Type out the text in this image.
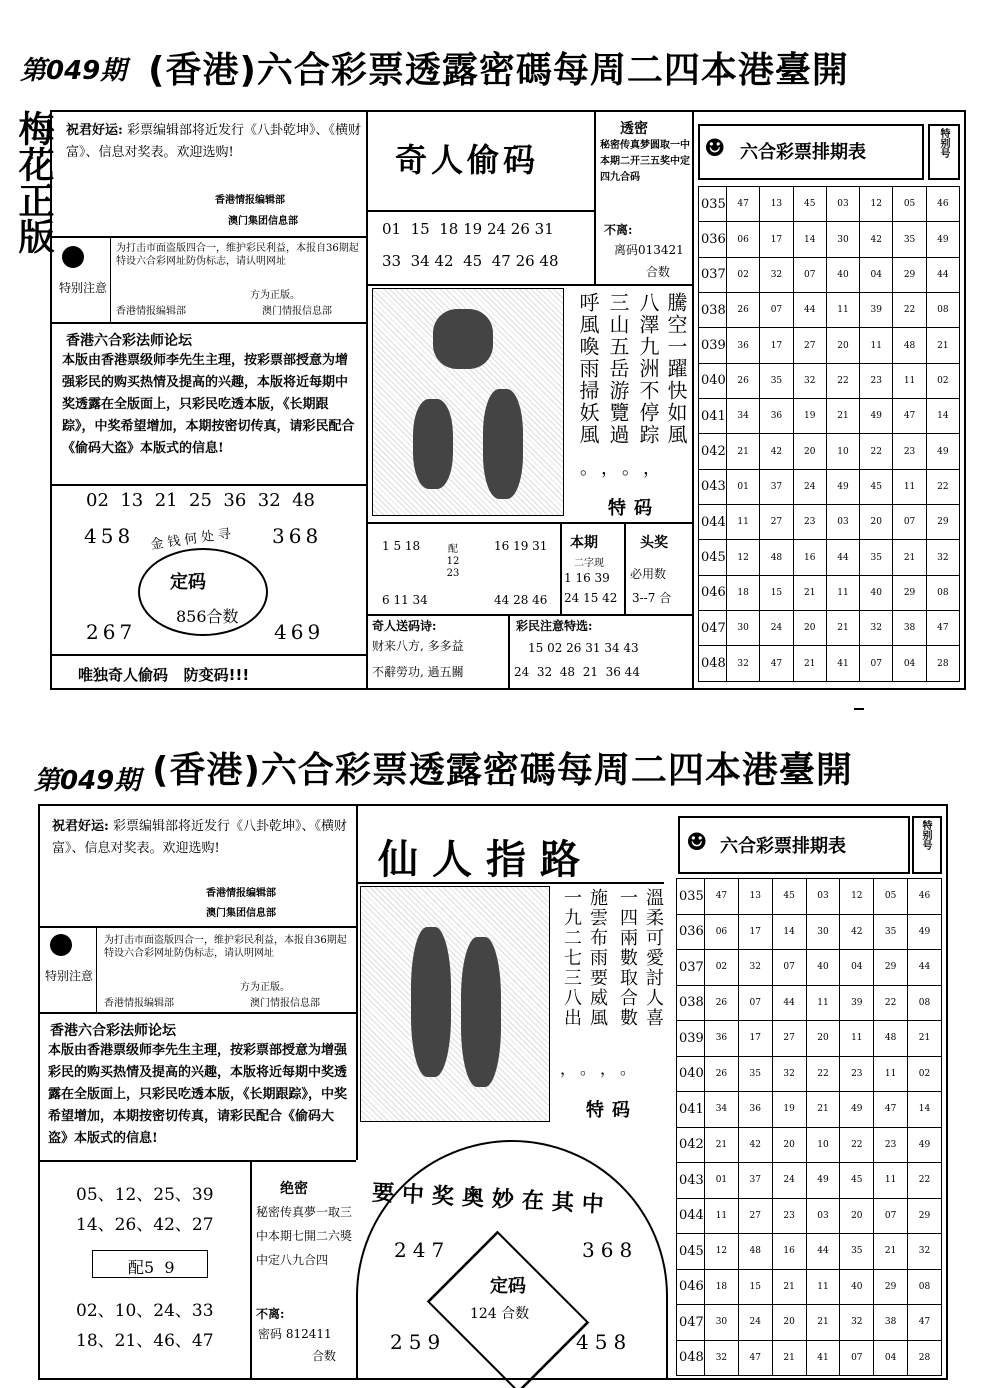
第049期 (香港)六合彩票透露密碼每周二四本港臺開
梅花正版 祝君好运: 彩票编辑部将近发行《八卦乾坤》、《横财富》、信息对奖表。欢迎选购!
香港情报编辑部
澳门集团信息部
特别注意
为打击市面盗版四合一，维护彩民利益，本报自36期起特设六合彩网址防伪标志，请认明网址
方为正版。
香港情报编辑部	澳门情报信息部
香港六合彩法师论坛
本版由香港票级师李先生主理，按彩票部授意为增强彩民的购买热情及提高的兴趣，本版将近每期中奖透露在全版面上，只彩民吃透本版，《长期跟踪》，中奖希望增加，本期按密切传真，请彩民配合《偷码大盗》本版式的信息!
02  13  21  25  36  32  48
金钱何处寻
458	368
定码
856合数
267	469
唯独奇人偷码   防变码!!!
奇人偷码
01  15  18 19 24 26 31
33  34 42  45  47 26 48
透密
秘密传真梦圆取一中本期二开三五奖中定四九合码
不离:
离码013421
合数
騰空一躍快如風
八澤九洲不停踪
三山五岳游覽過
呼風喚雨掃妖風
。，。，
特码
1 5 18
6 11 34
配 12 23
16 19 31
44 28 46
本期
二字现
1 16 39
24 15 42
头奖
必用数
3--7 合
奇人送码诗:
财来八方, 多多益
不辭勞功, 過五關
彩民注意特选:
15 02 26 31 34 43
24  32  48  21  36 44
☻ 六合彩票排期表	特别号
035	47	13	45	03	12	05	46
036	06	17	14	30	42	35	49
037	02	32	07	40	04	29	44
038	26	07	44	11	39	22	08
039	36	17	27	20	11	48	21
040	26	35	32	22	23	11	02
041	34	36	19	21	49	47	14
042	21	42	20	10	22	23	49
043	01	37	24	49	45	11	22
044	11	27	23	03	20	07	29
045	12	48	16	44	35	21	32
046	18	15	21	11	40	29	08
047	30	24	20	21	32	38	47
048	32	47	21	41	07	04	28
第049期 (香港)六合彩票透露密碼每周二四本港臺開
祝君好运: 彩票编辑部将近发行《八卦乾坤》、《横财富》、信息对奖表。欢迎选购!
香港情报编辑部
澳门集团信息部
特别注意
为打击市面盗版四合一，维护彩民利益，本报自36期起特设六合彩网址防伪标志，请认明网址
方为正版。
香港情报编辑部	澳门情报信息部
香港六合彩法师论坛
本版由香港票级师李先生主理，按彩票部授意为增强彩民的购买热情及提高的兴趣，本版将近每期中奖透露在全版面上，只彩民吃透本版，《长期跟踪》，中奖希望增加，本期按密切传真，请彩民配合《偷码大盗》本版式的信息!
05、12、25、39
14、26、42、27
配5  9
02、10、24、33
18、21、46、47
绝密
秘密传真夢一取三中本期七開二六獎中定八九合四
不离:
密码 812411
合数
仙人指路
溫柔可愛討人喜
一四兩數取合數
施雲布雨要威風
一九二七三八出
，。，。
特码
要中奖奥妙在其中
247	368
定码
124 合数
259	458
☻ 六合彩票排期表	特别号
035	47	13	45	03	12	05	46
036	06	17	14	30	42	35	49
037	02	32	07	40	04	29	44
038	26	07	44	11	39	22	08
039	36	17	27	20	11	48	21
040	26	35	32	22	23	11	02
041	34	36	19	21	49	47	14
042	21	42	20	10	22	23	49
043	01	37	24	49	45	11	22
044	11	27	23	03	20	07	29
045	12	48	16	44	35	21	32
046	18	15	21	11	40	29	08
047	30	24	20	21	32	38	47
048	32	47	21	41	07	04	28
